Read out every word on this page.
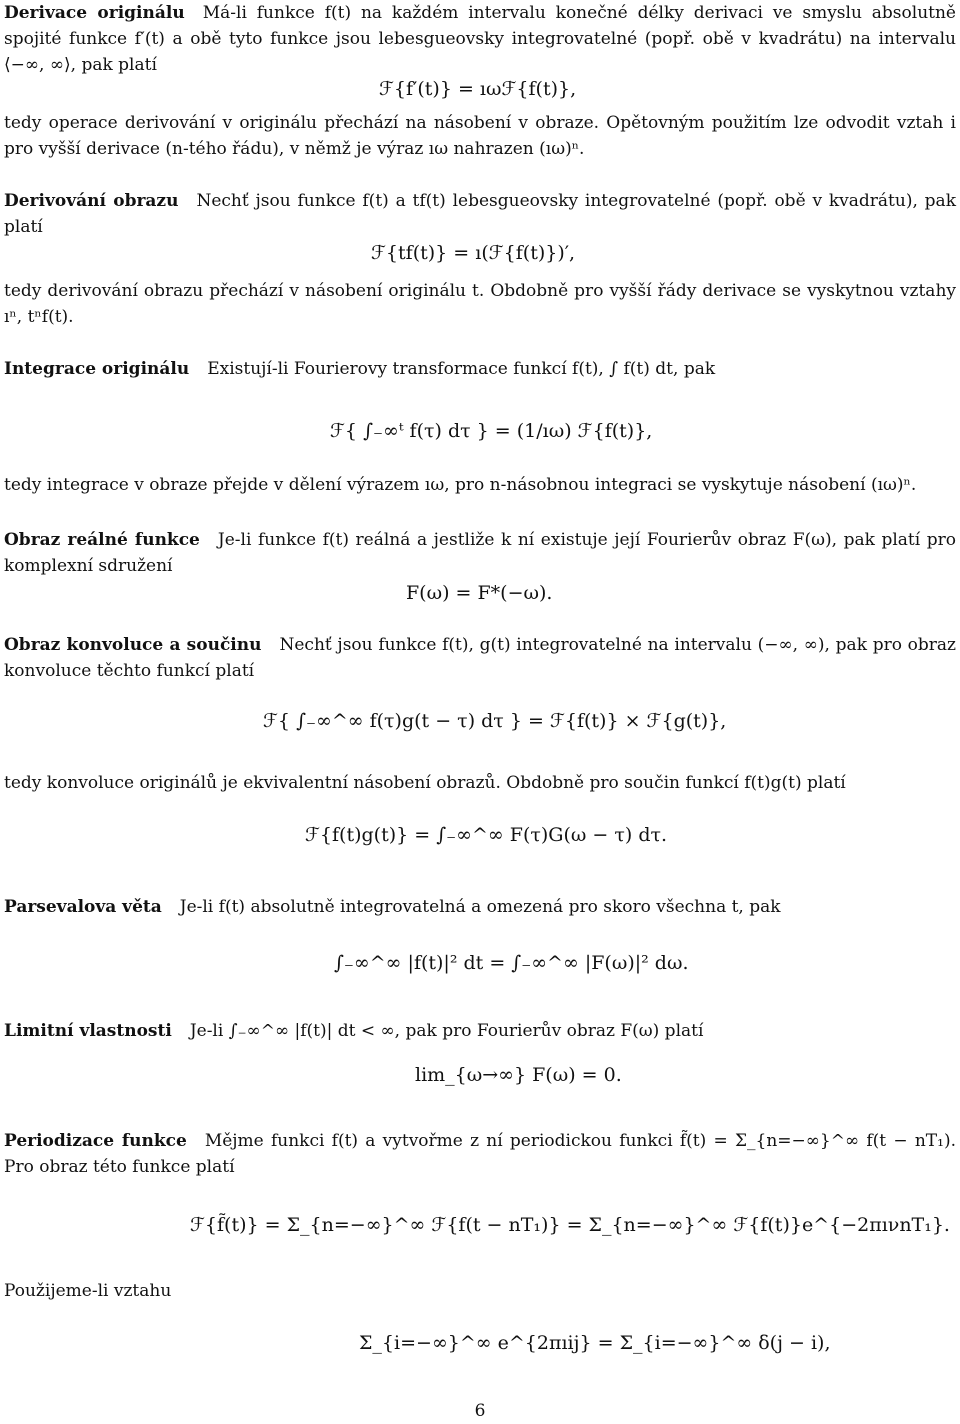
Derivace originálu Má-li funkce f(t) na každém intervalu konečné délky derivaci ve smyslu absolutně spojité funkce f′(t) a obě tyto funkce jsou lebesgueovsky integrovatelné (popř. obě v kvadrátu) na intervalu ⟨−∞, ∞⟩, pak platí

ℱ{f′(t)} = ıωℱ{f(t)},

tedy operace derivování v originálu přechází na násobení v obraze. Opětovným použitím lze odvodit vztah i pro vyšší derivace (n-tého řádu), v němž je výraz ıω nahrazen (ıω)ⁿ.

Derivování obrazu Nechť jsou funkce f(t) a tf(t) lebesgueovsky integrovatelné (popř. obě v kvadrátu), pak platí

ℱ{tf(t)} = ı(ℱ{f(t)})′,

tedy derivování obrazu přechází v násobení originálu t. Obdobně pro vyšší řády derivace se vyskytnou vztahy ıⁿ, tⁿf(t).

Integrace originálu Existují-li Fourierovy transformace funkcí f(t), ∫ f(t) dt, pak

ℱ{ ∫₋∞ᵗ f(τ) dτ } = (1/ıω) ℱ{f(t)},

tedy integrace v obraze přejde v dělení výrazem ıω, pro n-násobnou integraci se vyskytuje násobení (ıω)ⁿ.

Obraz reálné funkce Je-li funkce f(t) reálná a jestliže k ní existuje její Fourierův obraz F(ω), pak platí pro komplexní sdružení

F(ω) = F*(−ω).

Obraz konvoluce a součinu Nechť jsou funkce f(t), g(t) integrovatelné na intervalu (−∞, ∞), pak pro obraz konvoluce těchto funkcí platí

ℱ{ ∫₋∞^∞ f(τ)g(t − τ) dτ } = ℱ{f(t)} × ℱ{g(t)},

tedy konvoluce originálů je ekvivalentní násobení obrazů. Obdobně pro součin funkcí f(t)g(t) platí

ℱ{f(t)g(t)} = ∫₋∞^∞ F(τ)G(ω − τ) dτ.

Parsevalova věta Je-li f(t) absolutně integrovatelná a omezená pro skoro všechna t, pak

∫₋∞^∞ |f(t)|² dt = ∫₋∞^∞ |F(ω)|² dω.

Limitní vlastnosti Je-li ∫₋∞^∞ |f(t)| dt < ∞, pak pro Fourierův obraz F(ω) platí

lim_{ω→∞} F(ω) = 0.

Periodizace funkce Mějme funkci f(t) a vytvořme z ní periodickou funkci f̃(t) = Σ_{n=−∞}^∞ f(t − nT₁). Pro obraz této funkce platí

ℱ{f̃(t)} = Σ_{n=−∞}^∞ ℱ{f(t − nT₁)} = Σ_{n=−∞}^∞ ℱ{f(t)}e^{−2πıνnT₁}.

Použijeme-li vztahu

Σ_{i=−∞}^∞ e^{2πıij} = Σ_{i=−∞}^∞ δ(j − i),
6
